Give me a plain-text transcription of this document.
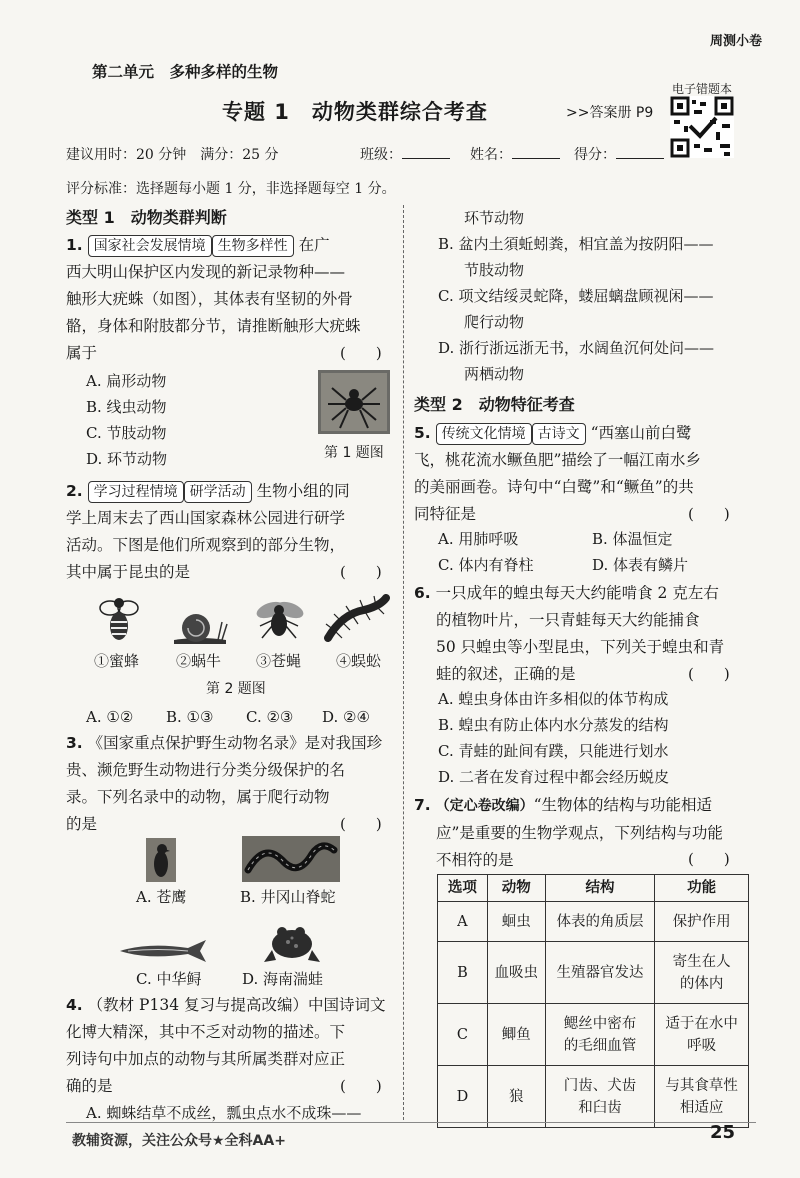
周测小卷
第二单元　多种多样的生物
电子错题本
专题 1　动物类群综合考查	>>答案册 P9
建议用时：20 分钟　满分：25 分	班级：	姓名：	得分：
评分标准：选择题每小题 1 分，非选择题每空 1 分。
类型 1　动物类群判断
1. 国家社会发展情境 生物多样性 在广
西大明山保护区内发现的新记录物种——
触形大疣蛛（如图），其体表有坚韧的外骨
骼，身体和附肢都分节，请推断触形大疣蛛
属于	(　　)
A. 扁形动物
B. 线虫动物
C. 节肢动物
D. 环节动物	第 1 题图
2. 学习过程情境 研学活动 生物小组的同
学上周末去了西山国家森林公园进行研学
活动。下图是他们所观察到的部分生物，
其中属于昆虫的是	(　　)
①蜜蜂 ②蜗牛 ③苍蝇 ④蜈蚣
第 2 题图
A. ①② B. ①③ C. ②③ D. ②④
3. 《国家重点保护野生动物名录》是对我国珍
贵、濒危野生动物进行分类分级保护的名
录。下列名录中的动物，属于爬行动物
的是	(　　)
A. 苍鹰	B. 井冈山脊蛇
C. 中华鲟	D. 海南湍蛙
4. （教材 P134 复习与提高改编）中国诗词文
化博大精深，其中不乏对动物的描述。下
列诗句中加点的动物与其所属类群对应正
确的是	(　　)
A. 蜘蛛结草不成丝，瓢虫点水不成珠——
环节动物
B. 盆内土須蚯蚓粪，相宜盖为按阴阳——
节肢动物
C. 项文结绥灵蛇降，蝼屈螭盘顾视闲——
爬行动物
D. 浙行浙远浙无书，水阔鱼沉何处问——
两栖动物
类型 2　动物特征考查
5. 传统文化情境 古诗文 “西塞山前白鹭
飞，桃花流水鳜鱼肥”描绘了一幅江南水乡
的美丽画卷。诗句中“白鹭”和“鳜鱼”的共
同特征是	(　　)
A. 用肺呼吸	B. 体温恒定
C. 体内有脊柱	D. 体表有鳞片
6. 一只成年的蝗虫每天大约能啃食 2 克左右
的植物叶片，一只青蛙每天大约能捕食
50 只蝗虫等小型昆虫，下列关于蝗虫和青
蛙的叙述，正确的是	(　　)
A. 蝗虫身体由许多相似的体节构成
B. 蝗虫有防止体内水分蒸发的结构
C. 青蛙的趾间有蹼，只能进行划水
D. 二者在发育过程中都会经历蜕皮
7. （定心卷改编）“生物体的结构与功能相适
应”是重要的生物学观点，下列结构与功能
不相符的是	(　　)
选项	动物	结构	功能
A	蛔虫	体表的角质层	保护作用
B	血吸虫	生殖器官发达	寄生在人的体内
C	鲫鱼	鳃丝中密布的毛细血管	适于在水中呼吸
D	狼	门齿、犬齿和臼齿	与其食草性相适应
教辅资源，关注公众号★全科AA+	25
